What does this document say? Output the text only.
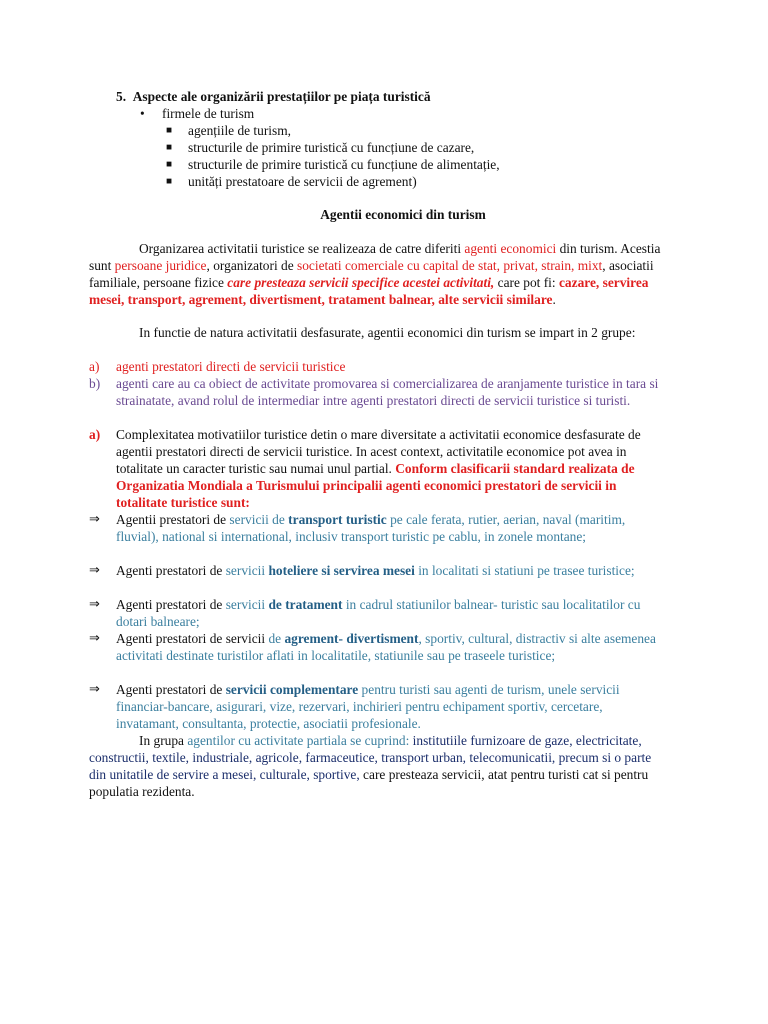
5. Aspecte ale organizării prestațiilor pe piața turistică
• firmele de turism
■ agențiile de turism,
■ structurile de primire turistică cu funcțiune de cazare,
■ structurile de primire turistică cu funcțiune de alimentație,
■ unități prestatoare de servicii de agrement)
Agentii economici din turism

Organizarea activitatii turistice se realizeaza de catre diferiti agenti economici din turism. Acestia sunt persoane juridice, organizatori de societati comerciale cu capital de stat, privat, strain, mixt, asociatii familiale, persoane fizice care presteaza servicii specifice acestei activitati, care pot fi: cazare, servirea mesei, transport, agrement, divertisment, tratament balnear, alte servicii similare.

In functie de natura activitatii desfasurate, agentii economici din turism se impart in 2 grupe:

a) agenti prestatori directi de servicii turistice

b) agenti care au ca obiect de activitate promovarea si comercializarea de aranjamente turistice in tara si strainatate, avand rolul de intermediar intre agenti prestatori directi de servicii turistice si turisti.

a) Complexitatea motivatiilor turistice detin o mare diversitate a activitatii economice desfasurate de agentii prestatori directi de servicii turistice. In acest context, activitatile economice pot avea in totalitate un caracter turistic sau numai unul partial. Conform clasificarii standard realizata de Organizatia Mondiala a Turismului principalii agenti economici prestatori de servicii in totalitate turistice sunt:

⇒ Agentii prestatori de servicii de transport turistic pe cale ferata, rutier, aerian, naval (maritim, fluvial), national si international, inclusiv transport turistic pe cablu, in zonele montane;

⇒ Agenti prestatori de servicii hoteliere si servirea mesei in localitati si statiuni pe trasee turistice;

⇒ Agenti prestatori de servicii de tratament in cadrul statiunilor balnear- turistic sau localitatilor cu dotari balneare;

⇒ Agenti prestatori de servicii de agrement- divertisment, sportiv, cultural, distractiv si alte asemenea activitati destinate turistilor aflati in localitatile, statiunile sau pe traseele turistice;

⇒ Agenti prestatori de servicii complementare pentru turisti sau agenti de turism, unele servicii financiar-bancare, asigurari, vize, rezervari, inchirieri pentru echipament sportiv, cercetare, invatamant, consultanta, protectie, asociatii profesionale.

In grupa agentilor cu activitate partiala se cuprind: institutiile furnizoare de gaze, electricitate, constructii, textile, industriale, agricole, farmaceutice, transport urban, telecomunicatii, precum si o parte din unitatile de servire a mesei, culturale, sportive, care presteaza servicii, atat pentru turisti cat si pentru populatia rezidenta.
